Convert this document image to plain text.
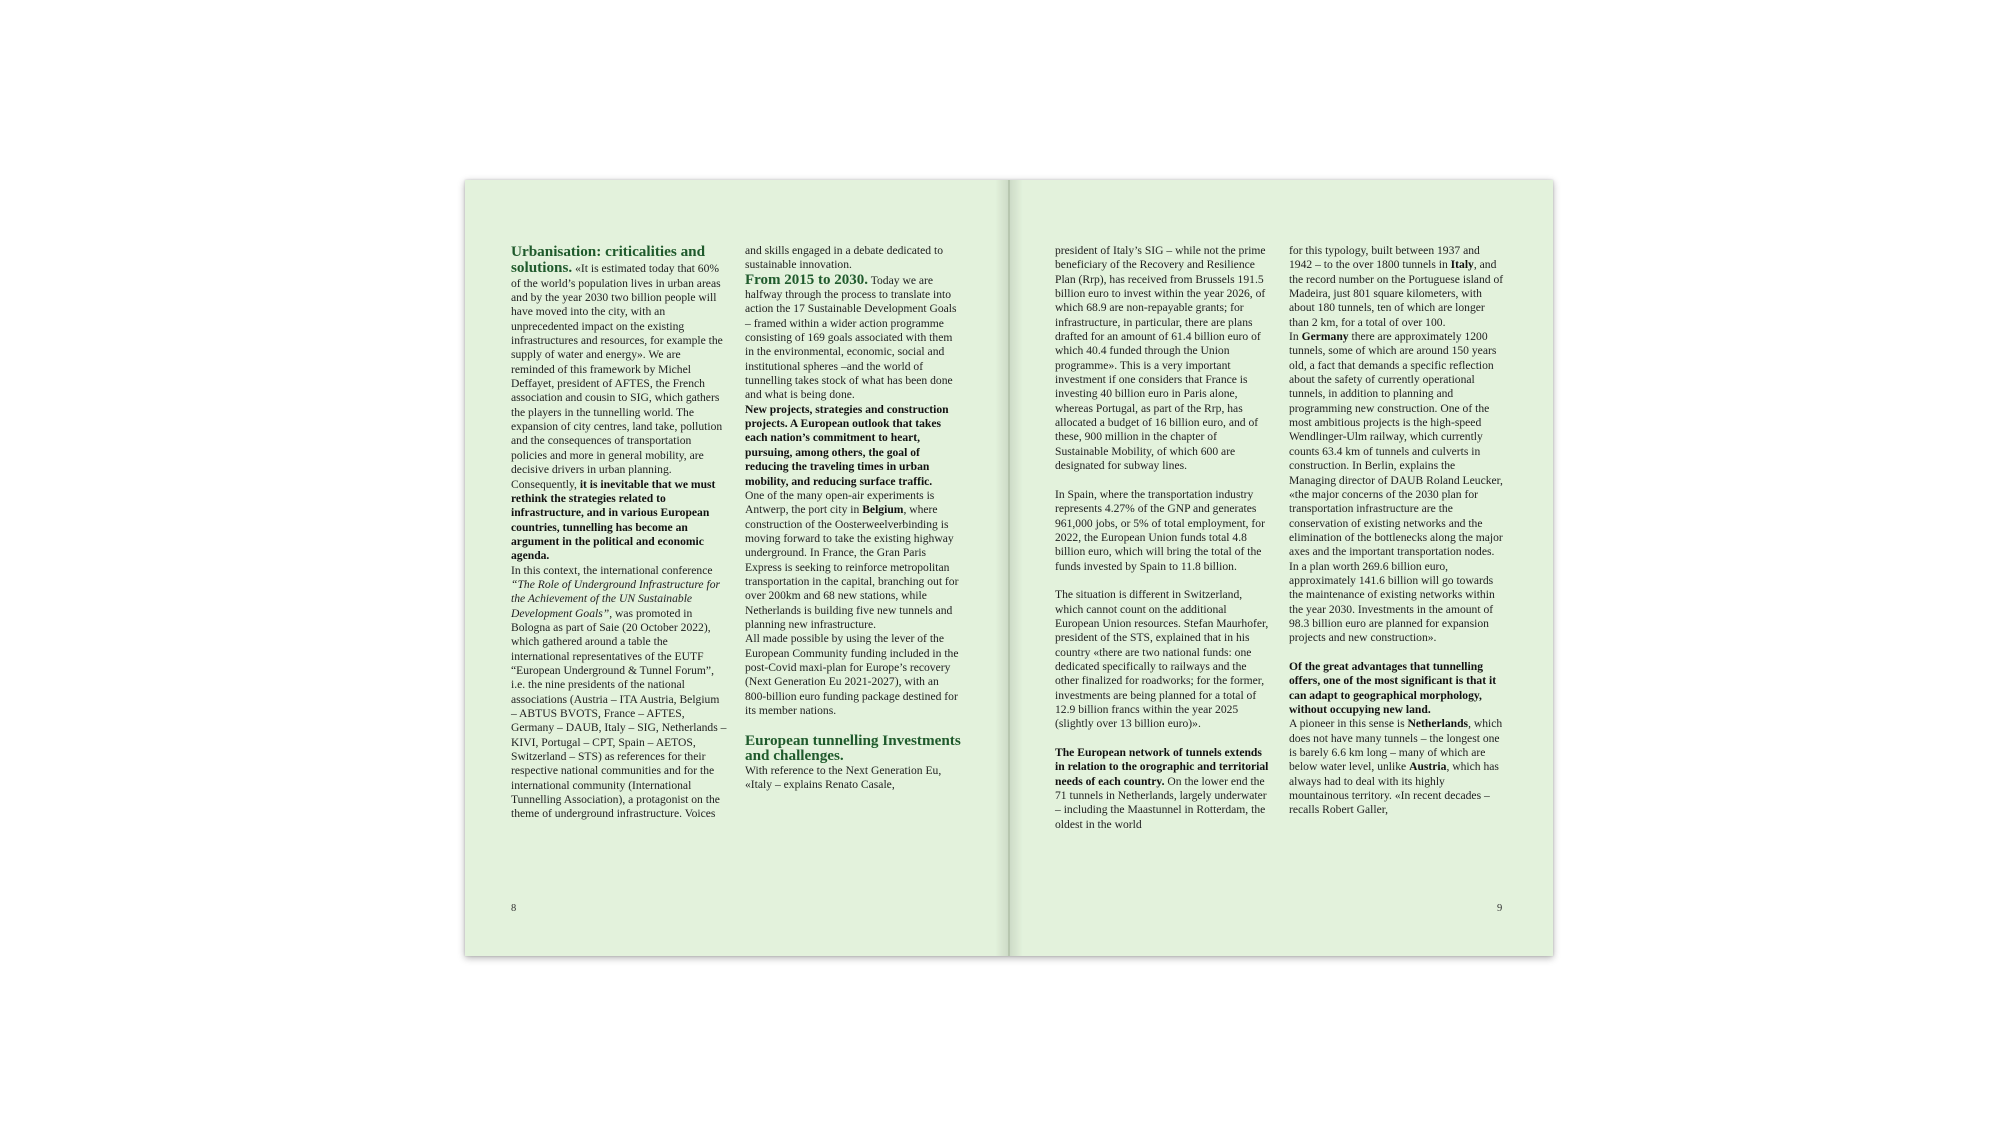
Urbanisation: criticalities and solutions. «It is estimated today that 60% of the world’s population lives in urban areas and by the year 2030 two billion people will have moved into the city, with an unprecedented impact on the existing infrastructures and resources, for example the supply of water and energy». We are reminded of this framework by Michel Deffayet, president of AFTES, the French association and cousin to SIG, which gathers the players in the tunnelling world. The expansion of city centres, land take, pollution and the consequences of transportation policies and more in general mobility, are decisive drivers in urban planning. Consequently, it is inevitable that we must rethink the strategies related to infrastructure, and in various European countries, tunnelling has become an argument in the political and economic agenda.

In this context, the international conference “The Role of Underground Infrastructure for the Achievement of the UN Sustainable Development Goals”, was promoted in Bologna as part of Saie (20 October 2022), which gathered around a table the international representatives of the EUTF “European Underground & Tunnel Forum”, i.e. the nine presidents of the national associations (Austria – ITA Austria, Belgium – ABTUS BVOTS, France – AFTES, Germany – DAUB, Italy – SIG, Netherlands – KIVI, Portugal – CPT, Spain – AETOS, Switzerland – STS) as references for their respective national communities and for the international community (International Tunnelling Association), a protagonist on the theme of underground infrastructure. Voices

and skills engaged in a debate dedicated to sustainable innovation.

From 2015 to 2030. Today we are halfway through the process to translate into action the 17 Sustainable Development Goals – framed within a wider action programme consisting of 169 goals associated with them in the environmental, economic, social and institutional spheres –and the world of tunnelling takes stock of what has been done and what is being done.

New projects, strategies and construction projects. A European outlook that takes each nation’s commitment to heart, pursuing, among others, the goal of reducing the traveling times in urban mobility, and reducing surface traffic.

One of the many open-air experiments is Antwerp, the port city in Belgium, where construction of the Oosterweelverbinding is moving forward to take the existing highway underground. In France, the Gran Paris Express is seeking to reinforce metropolitan transportation in the capital, branching out for over 200km and 68 new stations, while Netherlands is building five new tunnels and planning new infrastructure.

All made possible by using the lever of the European Community funding included in the post-Covid maxi-plan for Europe’s recovery (Next Generation Eu 2021-2027), with an 800-billion euro funding package destined for its member nations.

European tunnelling Investments and challenges.

With reference to the Next Generation Eu, «Italy – explains Renato Casale,

8

president of Italy’s SIG – while not the prime beneficiary of the Recovery and Resilience Plan (Rrp), has received from Brussels 191.5 billion euro to invest within the year 2026, of which 68.9 are non-repayable grants; for infrastructure, in particular, there are plans drafted for an amount of 61.4 billion euro of which 40.4 funded through the Union programme». This is a very important investment if one considers that France is investing 40 billion euro in Paris alone, whereas Portugal, as part of the Rrp, has allocated a budget of 16 billion euro, and of these, 900 million in the chapter of Sustainable Mobility, of which 600 are designated for subway lines.

In Spain, where the transportation industry represents 4.27% of the GNP and generates 961,000 jobs, or 5% of total employment, for 2022, the European Union funds total 4.8 billion euro, which will bring the total of the funds invested by Spain to 11.8 billion.

The situation is different in Switzerland, which cannot count on the additional European Union resources. Stefan Maurhofer, president of the STS, explained that in his country «there are two national funds: one dedicated specifically to railways and the other finalized for roadworks; for the former, investments are being planned for a total of 12.9 billion francs within the year 2025 (slightly over 13 billion euro)».

The European network of tunnels extends in relation to the orographic and territorial needs of each country. On the lower end the 71 tunnels in Netherlands, largely underwater – including the Maastunnel in Rotterdam, the oldest in the world

for this typology, built between 1937 and 1942 – to the over 1800 tunnels in Italy, and the record number on the Portuguese island of Madeira, just 801 square kilometers, with about 180 tunnels, ten of which are longer than 2 km, for a total of over 100.

In Germany there are approximately 1200 tunnels, some of which are around 150 years old, a fact that demands a specific reflection about the safety of currently operational tunnels, in addition to planning and programming new construction. One of the most ambitious projects is the high-speed Wendlinger-Ulm railway, which currently counts 63.4 km of tunnels and culverts in construction. In Berlin, explains the Managing director of DAUB Roland Leucker, «the major concerns of the 2030 plan for transportation infrastructure are the conservation of existing networks and the elimination of the bottlenecks along the major axes and the important transportation nodes. In a plan worth 269.6 billion euro, approximately 141.6 billion will go towards the maintenance of existing networks within the year 2030. Investments in the amount of 98.3 billion euro are planned for expansion projects and new construction».

Of the great advantages that tunnelling offers, one of the most significant is that it can adapt to geographical morphology, without occupying new land.

A pioneer in this sense is Netherlands, which does not have many tunnels – the longest one is barely 6.6 km long – many of which are below water level, unlike Austria, which has always had to deal with its highly mountainous territory. «In recent decades – recalls Robert Galler,

9
